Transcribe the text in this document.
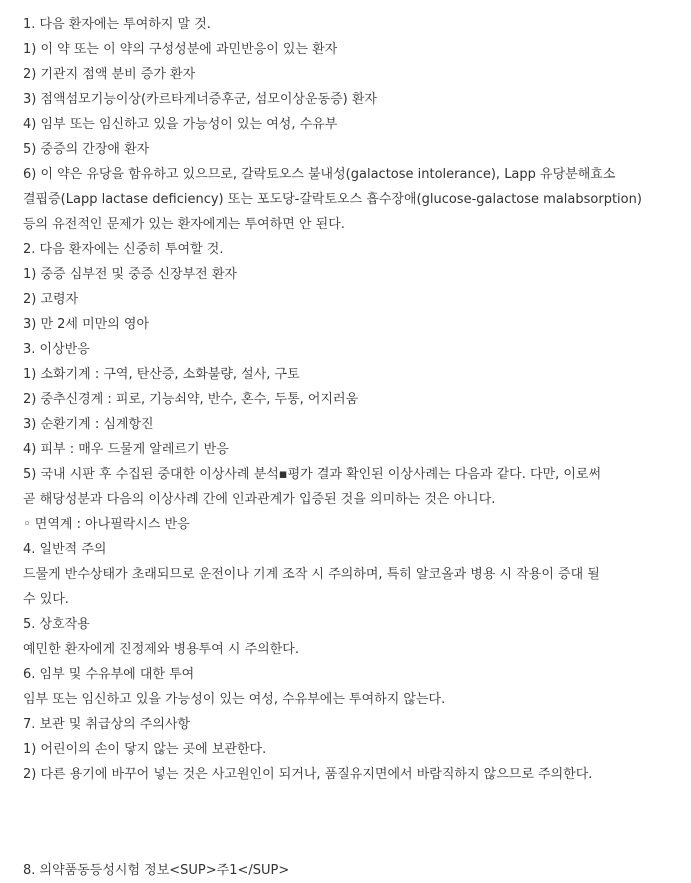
1. 다음 환자에는 투여하지 말 것.
1) 이 약 또는 이 약의 구성성분에 과민반응이 있는 환자
2) 기관지 점액 분비 증가 환자
3) 점액섬모기능이상(카르타게너증후군, 섬모이상운동증) 환자
4) 임부 또는 임신하고 있을 가능성이 있는 여성, 수유부
5) 중증의 간장애 환자
6) 이 약은 유당을 함유하고 있으므로, 갈락토오스 불내성(galactose intolerance), Lapp 유당분해효소
결핍증(Lapp lactase deficiency) 또는 포도당-갈락토오스 흡수장애(glucose-galactose malabsorption)
등의 유전적인 문제가 있는 환자에게는 투여하면 안 된다.
2. 다음 환자에는 신중히 투여할 것.
1) 중증 심부전 및 중증 신장부전 환자
2) 고령자
3) 만 2세 미만의 영아
3. 이상반응
1) 소화기계 : 구역, 탄산증, 소화불량, 설사, 구토
2) 중추신경계 : 피로, 기능쇠약, 반수, 혼수, 두통, 어지러움
3) 순환기계 : 심계항진
4) 피부 : 매우 드물게 알레르기 반응
5) 국내 시판 후 수집된 중대한 이상사례 분석▪평가 결과 확인된 이상사례는 다음과 같다. 다만, 이로써
곧 해당성분과 다음의 이상사례 간에 인과관계가 입증된 것을 의미하는 것은 아니다.
◦ 면역계 : 아나필락시스 반응
4. 일반적 주의
드물게 반수상태가 초래되므로 운전이나 기계 조작 시 주의하며, 특히 알코올과 병용 시 작용이 증대 될
수 있다.
5. 상호작용
예민한 환자에게 진정제와 병용투여 시 주의한다.
6. 임부 및 수유부에 대한 투여
임부 또는 임신하고 있을 가능성이 있는 여성, 수유부에는 투여하지 않는다.
7. 보관 및 취급상의 주의사항
1) 어린이의 손이 닿지 않는 곳에 보관한다.
2) 다른 용기에 바꾸어 넣는 것은 사고원인이 되거나, 품질유지면에서 바람직하지 않으므로 주의한다.
8. 의약품동등성시험 정보<SUP>주1</SUP>
